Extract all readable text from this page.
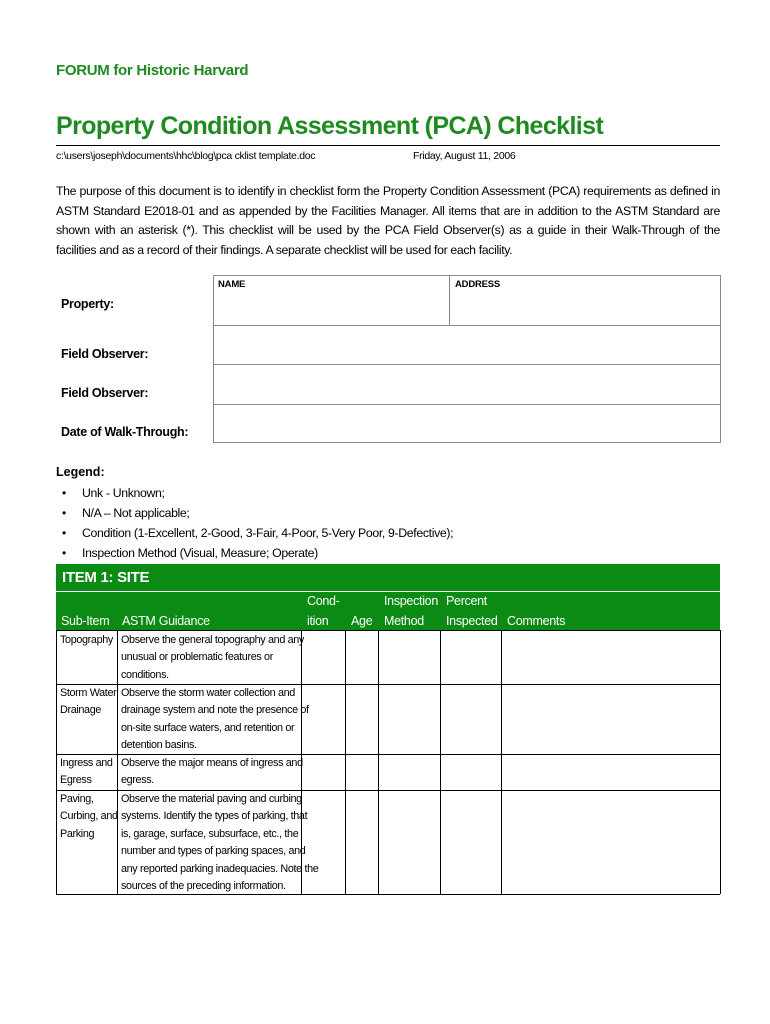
FORUM for Historic Harvard
Property Condition Assessment (PCA) Checklist
c:\users\joseph\documents\hhc\blog\pca cklist template.doc	Friday, August 11, 2006
The purpose of this document is to identify in checklist form the Property Condition Assessment (PCA) requirements as defined in ASTM Standard E2018-01 and as appended by the Facilities Manager. All items that are in addition to the ASTM Standard are shown with an asterisk (*). This checklist will be used by the PCA Field Observer(s) as a guide in their Walk-Through of the facilities and as a record of their findings. A separate checklist will be used for each facility.
NAME	ADDRESS
Property:
Field Observer:
Field Observer:
Date of Walk-Through:
Legend:
• Unk - Unknown;
• N/A – Not applicable;
• Condition (1-Excellent, 2-Good, 3-Fair, 4-Poor, 5-Very Poor, 9-Defective);
• Inspection Method (Visual, Measure; Operate)
ITEM 1: SITE
Sub-Item ASTM Guidance
Cond-
ition Age
Inspection
Method
Percent
Inspected Comments
Topography Observe the general topography and any
unusual or problematic features or
conditions.
Storm Water
Drainage
Observe the storm water collection and
drainage system and note the presence of
on-site surface waters, and retention or
detention basins.
Ingress and
Egress
Observe the major means of ingress and
egress.
Paving,
Curbing, and
Parking
Observe the material paving and curbing
systems. Identify the types of parking, that
is, garage, surface, subsurface, etc., the
number and types of parking spaces, and
any reported parking inadequacies. Note the
sources of the preceding information.
